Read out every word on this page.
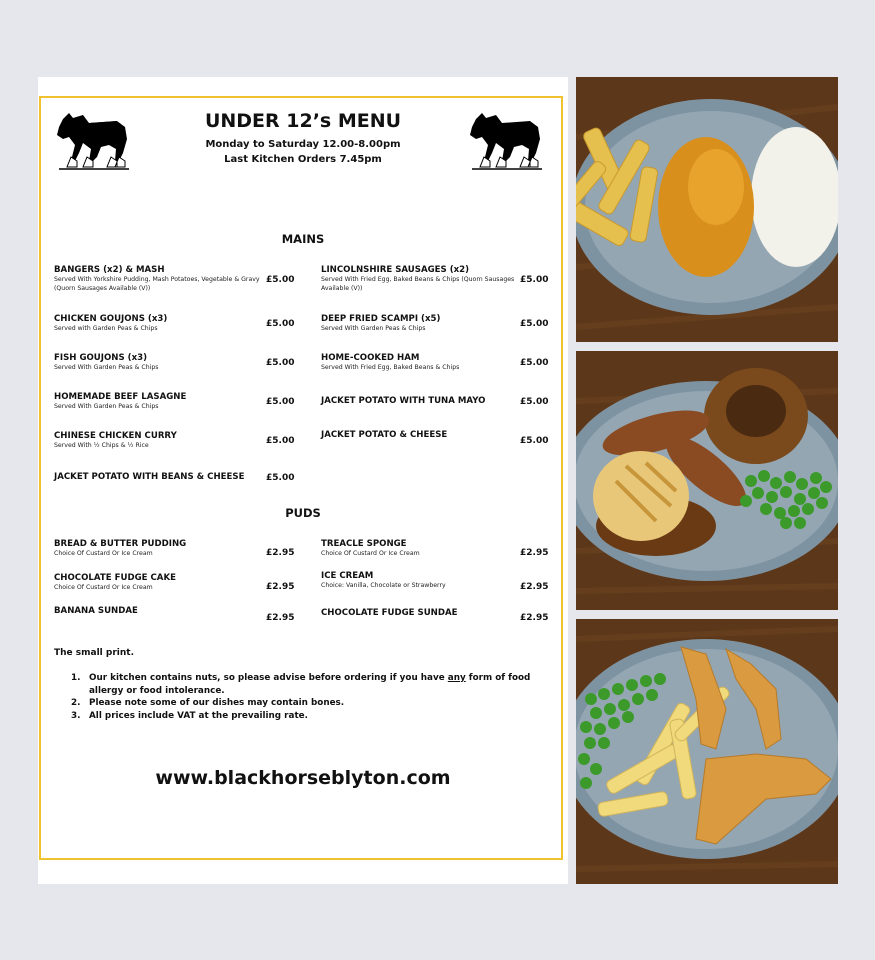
UNDER 12’s MENU
Monday to Saturday 12.00-8.00pm
Last Kitchen Orders 7.45pm
MAINS
BANGERS (x2) & MASH
Served With Yorkshire Pudding, Mash Potatoes, Vegetable & Gravy (Quorn Sausages Available (V))
£5.00
CHICKEN GOUJONS (x3)
Served with Garden Peas & Chips	£5.00
FISH GOUJONS (x3)
Served With Garden Peas & Chips	£5.00
HOMEMADE BEEF LASAGNE
Served With Garden Peas & Chips	£5.00
CHINESE CHICKEN CURRY
Served With ½ Chips & ½ Rice	£5.00
JACKET POTATO WITH BEANS & CHEESE	£5.00
LINCOLNSHIRE SAUSAGES (x2)
Served With Fried Egg, Baked Beans & Chips (Quorn Sausages Available (V))
£5.00
DEEP FRIED SCAMPI (x5)
Served With Garden Peas & Chips	£5.00
HOME-COOKED HAM
Served With Fried Egg, Baked Beans & Chips	£5.00
JACKET POTATO WITH TUNA MAYO	£5.00
JACKET POTATO & CHEESE
£5.00
PUDS
BREAD & BUTTER PUDDING
Choice Of Custard Or Ice Cream	£2.95
CHOCOLATE FUDGE CAKE
Choice Of Custard Or Ice Cream	£2.95
BANANA SUNDAE
£2.95
TREACLE SPONGE
Choice Of Custard Or Ice Cream	£2.95
ICE CREAM
Choice: Vanilla, Chocolate or Strawberry	£2.95
CHOCOLATE FUDGE SUNDAE	£2.95
The small print.
1. Our kitchen contains nuts, so please advise before ordering if you have any form of food allergy or food intolerance.
2. Please note some of our dishes may contain bones.
3. All prices include VAT at the prevailing rate.
www.blackhorseblyton.com
